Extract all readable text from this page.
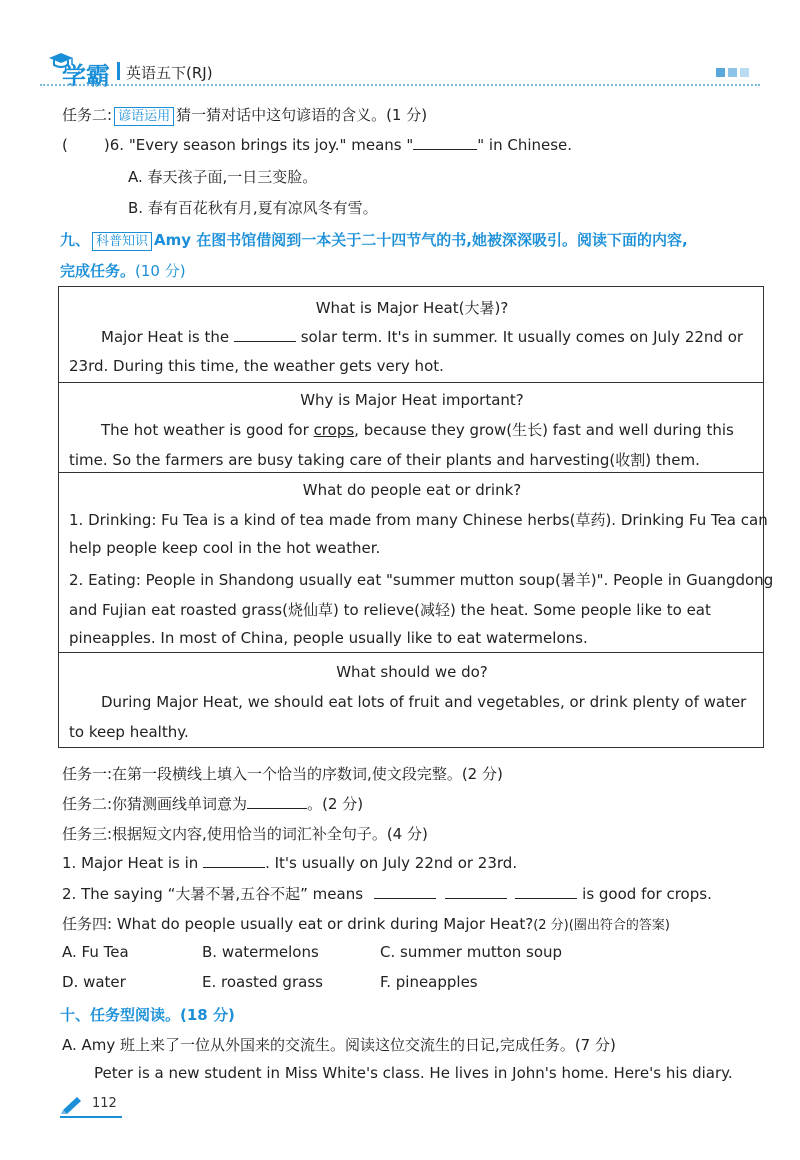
学霸 英语五下(RJ)
任务二: 谚语运用 猜一猜对话中这句谚语的含义。(1 分)
( )6. "Every season brings its joy." means "	" in Chinese.
A. 春天孩子面,一日三变脸。
B. 春有百花秋有月,夏有凉风冬有雪。
九、 科普知识 Amy 在图书馆借阅到一本关于二十四节气的书,她被深深吸引。阅读下面的内容,
完成任务。(10 分)
What is Major Heat(大暑)?
Major Heat is the	solar term. It's in summer. It usually comes on July 22nd or
23rd. During this time, the weather gets very hot.
Why is Major Heat important?
The hot weather is good for crops, because they grow(生长) fast and well during this
time. So the farmers are busy taking care of their plants and harvesting(收割) them.
What do people eat or drink?
1. Drinking: Fu Tea is a kind of tea made from many Chinese herbs(草药). Drinking Fu Tea can
help people keep cool in the hot weather.
2. Eating: People in Shandong usually eat "summer mutton soup(暑羊)". People in Guangdong
and Fujian eat roasted grass(烧仙草) to relieve(减轻) the heat. Some people like to eat
pineapples. In most of China, people usually like to eat watermelons.
What should we do?
During Major Heat, we should eat lots of fruit and vegetables, or drink plenty of water
to keep healthy.
任务一:在第一段横线上填入一个恰当的序数词,使文段完整。(2 分)
任务二:你猜测画线单词意为	。(2 分)
任务三:根据短文内容,使用恰当的词汇补全句子。(4 分)
1. Major Heat is in	. It's usually on July 22nd or 23rd.
2. The saying “大暑不暑,五谷不起” means	is good for crops.
任务四: What do people usually eat or drink during Major Heat?(2 分)(圈出符合的答案)
A. Fu Tea	B. watermelons	C. summer mutton soup
D. water	E. roasted grass	F. pineapples
十、任务型阅读。(18 分)
A. Amy 班上来了一位从外国来的交流生。阅读这位交流生的日记,完成任务。(7 分)
Peter is a new student in Miss White's class. He lives in John's home. Here's his diary.
112
